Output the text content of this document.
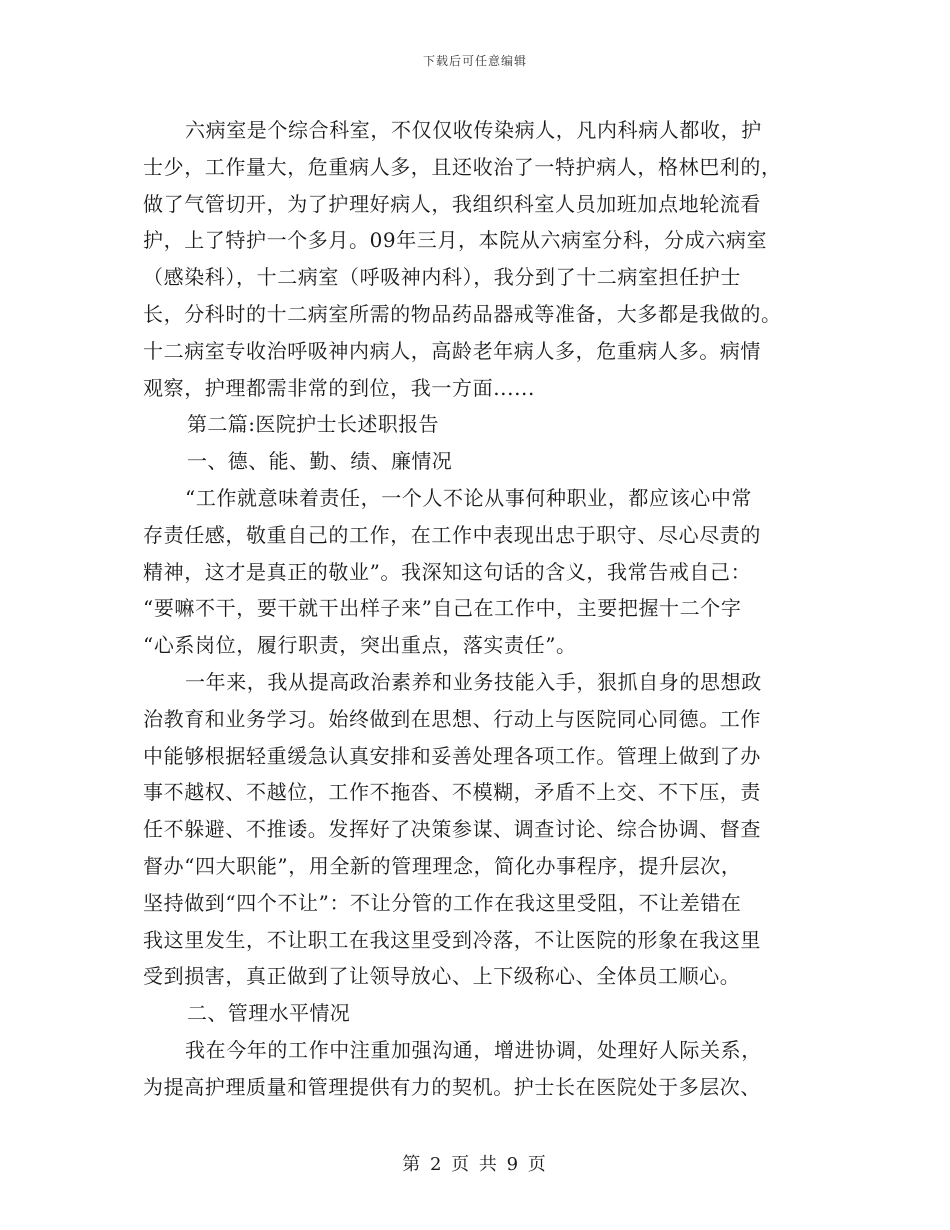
下载后可任意编辑
六病室是个综合科室，不仅仅收传染病人，凡内科病人都收，护
士少，工作量大，危重病人多，且还收治了一特护病人，格林巴利的，
做了气管切开，为了护理好病人，我组织科室人员加班加点地轮流看
护，上了特护一个多月。09年三月，本院从六病室分科，分成六病室
（感染科），十二病室（呼吸神内科），我分到了十二病室担任护士
长，分科时的十二病室所需的物品药品器戒等准备，大多都是我做的。
十二病室专收治呼吸神内病人，高龄老年病人多，危重病人多。病情
观察，护理都需非常的到位，我一方面......
第二篇:医院护士长述职报告
一、德、能、勤、绩、廉情况
“工作就意味着责任，一个人不论从事何种职业，都应该心中常
存责任感，敬重自己的工作，在工作中表现出忠于职守、尽心尽责的
精神，这才是真正的敬业”。我深知这句话的含义，我常告戒自己：
“要嘛不干，要干就干出样子来”自己在工作中，主要把握十二个字
“心系岗位，履行职责，突出重点，落实责任”。
一年来，我从提高政治素养和业务技能入手，狠抓自身的思想政
治教育和业务学习。始终做到在思想、行动上与医院同心同德。工作
中能够根据轻重缓急认真安排和妥善处理各项工作。管理上做到了办
事不越权、不越位，工作不拖沓、不模糊，矛盾不上交、不下压，责
任不躲避、不推诿。发挥好了决策参谋、调查讨论、综合协调、督查
督办“四大职能”，用全新的管理理念，简化办事程序，提升层次，
坚持做到“四个不让”：不让分管的工作在我这里受阻，不让差错在
我这里发生，不让职工在我这里受到冷落，不让医院的形象在我这里
受到损害，真正做到了让领导放心、上下级称心、全体员工顺心。
二、管理水平情况
我在今年的工作中注重加强沟通，增进协调，处理好人际关系，
为提高护理质量和管理提供有力的契机。护士长在医院处于多层次、
第 2 页 共 9 页
